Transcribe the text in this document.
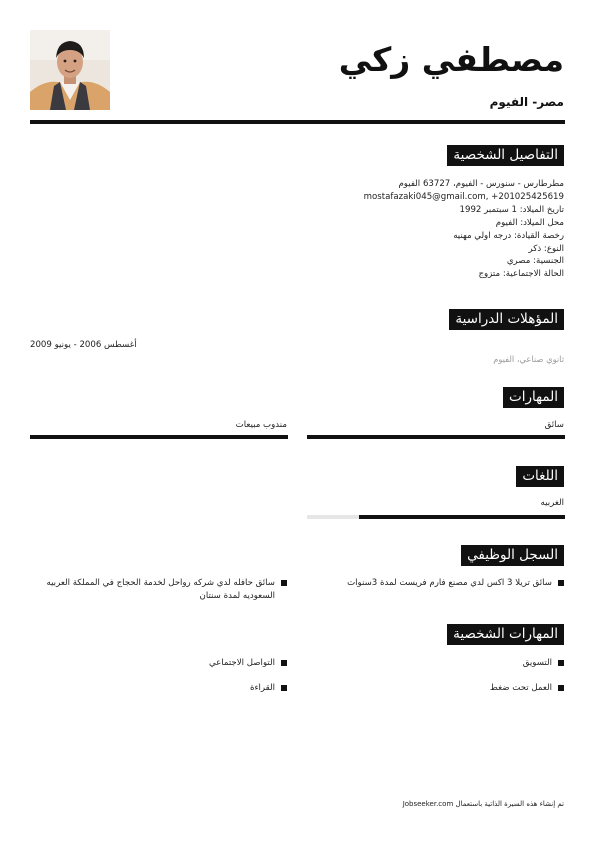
مصطفي زكي
مصر- الفيوم
التفاصيل الشخصية
مطرطارس - سنورس - الفيوم، 63727 الفيوم
mostafazaki045@gmail.com, +201025425619
تاريخ الميلاد: 1 سبتمبر 1992
محل الميلاد: الفيوم
رخصة القيادة: درجه اولي مهنيه
النوع: ذكر
الجنسية: مصري
الحالة الاجتماعية: متزوج
المؤهلات الدراسية
أغسطس 2006 - يونيو 2009
ثانوي صناعي، الفيوم
المهارات
سائق
مندوب مبيعات
اللغات
الغربيه
السجل الوظيفي
سائق تريلا 3 اكس لدي مصنع فارم فريست لمدة 3سنوات
سائق حافله لدي شركه رواحل لخدمة الحجاج في المملكة العربيه السعوديه لمدة سنتان
المهارات الشخصية
التسويق
التواصل الاجتماعي
العمل تحت ضغط
القراءة
تم إنشاء هذه السيرة الذاتية باستعمال Jobseeker.com
